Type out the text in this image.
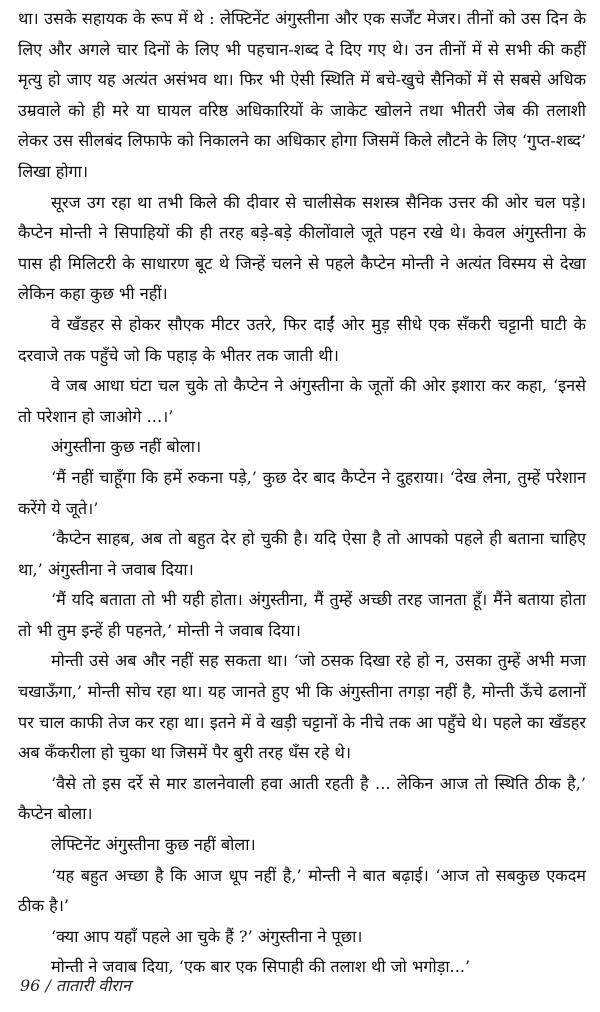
था। उसके सहायक के रूप में थे : लेफ्टिनेंट अंगुस्तीना और एक सर्जेंट मेजर। तीनों को उस दिन के लिए और अगले चार दिनों के लिए भी पहचान-शब्द दे दिए गए थे। उन तीनों में से सभी की कहीं मृत्यु हो जाए यह अत्यंत असंभव था। फिर भी ऐसी स्थिति में बचे-खुचे सैनिकों में से सबसे अधिक उम्रवाले को ही मरे या घायल वरिष्ठ अधिकारियों के जाकेट खोलने तथा भीतरी जेब की तलाशी लेकर उस सीलबंद लिफाफे को निकालने का अधिकार होगा जिसमें किले लौटने के लिए ‘गुप्त-शब्द’ लिखा होगा।

सूरज उग रहा था तभी किले की दीवार से चालीसेक सशस्त्र सैनिक उत्तर की ओर चल पड़े। कैप्टेन मोन्ती ने सिपाहियों की ही तरह बड़े-बड़े कीलोंवाले जूते पहन रखे थे। केवल अंगुस्तीना के पास ही मिलिटरी के साधारण बूट थे जिन्हें चलने से पहले कैप्टेन मोन्ती ने अत्यंत विस्मय से देखा लेकिन कहा कुछ भी नहीं।

वे खँडहर से होकर सौएक मीटर उतरे, फिर दाईं ओर मुड़ सीधे एक सँकरी चट्टानी घाटी के दरवाजे तक पहुँचे जो कि पहाड़ के भीतर तक जाती थी।

वे जब आधा घंटा चल चुके तो कैप्टेन ने अंगुस्तीना के जूतों की ओर इशारा कर कहा, ‘इनसे तो परेशान हो जाओगे ...।’

अंगुस्तीना कुछ नहीं बोला।

‘मैं नहीं चाहूँगा कि हमें रुकना पड़े,’ कुछ देर बाद कैप्टेन ने दुहराया। ‘देख लेना, तुम्हें परेशान करेंगे ये जूते।’

‘कैप्टेन साहब, अब तो बहुत देर हो चुकी है। यदि ऐसा है तो आपको पहले ही बताना चाहिए था,’ अंगुस्तीना ने जवाब दिया।

‘मैं यदि बताता तो भी यही होता। अंगुस्तीना, मैं तुम्हें अच्छी तरह जानता हूँ। मैंने बताया होता तो भी तुम इन्हें ही पहनते,’ मोन्ती ने जवाब दिया।

मोन्ती उसे अब और नहीं सह सकता था। ‘जो ठसक दिखा रहे हो न, उसका तुम्हें अभी मजा चखाऊँगा,’ मोन्ती सोच रहा था। यह जानते हुए भी कि अंगुस्तीना तगड़ा नहीं है, मोन्ती ऊँचे ढलानों पर चाल काफी तेज कर रहा था। इतने में वे खड़ी चट्टानों के नीचे तक आ पहुँचे थे। पहले का खँडहर अब कँकरीला हो चुका था जिसमें पैर बुरी तरह धँस रहे थे।

‘वैसे तो इस दर्रे से मार डालनेवाली हवा आती रहती है ... लेकिन आज तो स्थिति ठीक है,’ कैप्टेन बोला।

लेफ्टिनेंट अंगुस्तीना कुछ नहीं बोला।

‘यह बहुत अच्छा है कि आज धूप नहीं है,’ मोन्ती ने बात बढ़ाई। ‘आज तो सबकुछ एकदम ठीक है।’

‘क्या आप यहाँ पहले आ चुके हैं ?’ अंगुस्तीना ने पूछा।

मोन्ती ने जवाब दिया, ‘एक बार एक सिपाही की तलाश थी जो भगोड़ा...’

96 / तातारी वीरान
